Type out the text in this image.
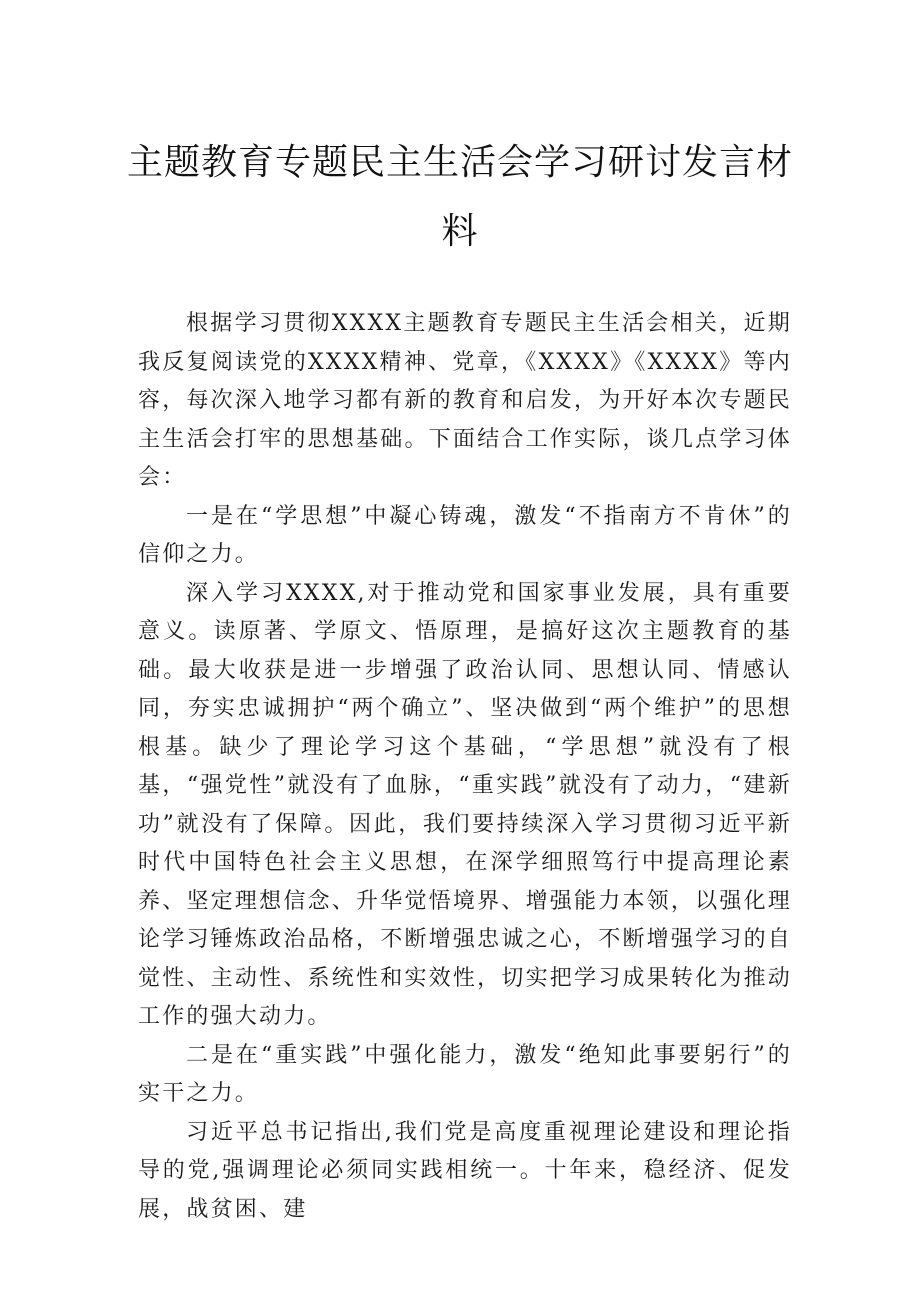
主题教育专题民主生活会学习研讨发言材
料

根据学习贯彻XXXX主题教育专题民主生活会相关，近期我反复阅读党的XXXX精神、党章，《XXXX》《XXXX》等内容，每次深入地学习都有新的教育和启发，为开好本次专题民主生活会打牢的思想基础。下面结合工作实际，谈几点学习体会：

一是在“学思想”中凝心铸魂，激发“不指南方不肯休”的信仰之力。

深入学习XXXX,对于推动党和国家事业发展，具有重要意义。读原著、学原文、悟原理，是搞好这次主题教育的基础。最大收获是进一步增强了政治认同、思想认同、情感认同，夯实忠诚拥护“两个确立”、坚决做到“两个维护”的思想根基。缺少了理论学习这个基础，“学思想”就没有了根基，“强党性”就没有了血脉，“重实践”就没有了动力，“建新功”就没有了保障。因此，我们要持续深入学习贯彻习近平新时代中国特色社会主义思想，在深学细照笃行中提高理论素养、坚定理想信念、升华觉悟境界、增强能力本领，以强化理论学习锤炼政治品格，不断增强忠诚之心，不断增强学习的自觉性、主动性、系统性和实效性，切实把学习成果转化为推动工作的强大动力。

二是在“重实践”中强化能力，激发“绝知此事要躬行”的实干之力。

习近平总书记指出,我们党是高度重视理论建设和理论指导的党,强调理论必须同实践相统一。十年来，稳经济、促发展，战贫困、建
